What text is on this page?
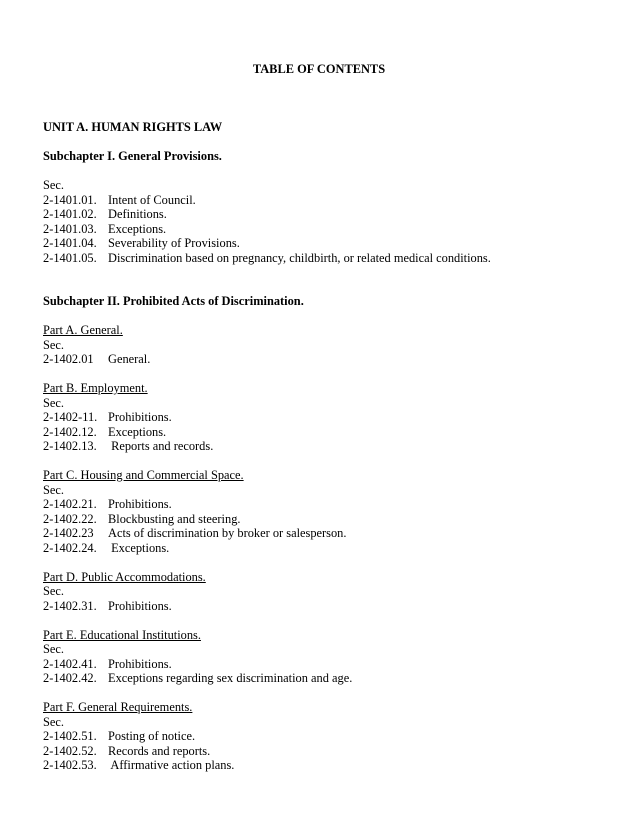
TABLE OF CONTENTS
UNIT A. HUMAN RIGHTS LAW
Subchapter I. General Provisions.
Sec.
2-1401.01. Intent of Council.
2-1401.02. Definitions.
2-1401.03. Exceptions.
2-1401.04. Severability of Provisions.
2-1401.05. Discrimination based on pregnancy, childbirth, or related medical conditions.
Subchapter II. Prohibited Acts of Discrimination.
Part A. General.
Sec.
2-1402.01 General.
Part B. Employment.
Sec.
2-1402-11. Prohibitions.
2-1402.12. Exceptions.
2-1402.13. Reports and records.
Part C. Housing and Commercial Space.
Sec.
2-1402.21. Prohibitions.
2-1402.22. Blockbusting and steering.
2-1402.23 Acts of discrimination by broker or salesperson.
2-1402.24. Exceptions.
Part D. Public Accommodations.
Sec.
2-1402.31. Prohibitions.
Part E. Educational Institutions.
Sec.
2-1402.41. Prohibitions.
2-1402.42. Exceptions regarding sex discrimination and age.
Part F. General Requirements.
Sec.
2-1402.51. Posting of notice.
2-1402.52. Records and reports.
2-1402.53. Affirmative action plans.
